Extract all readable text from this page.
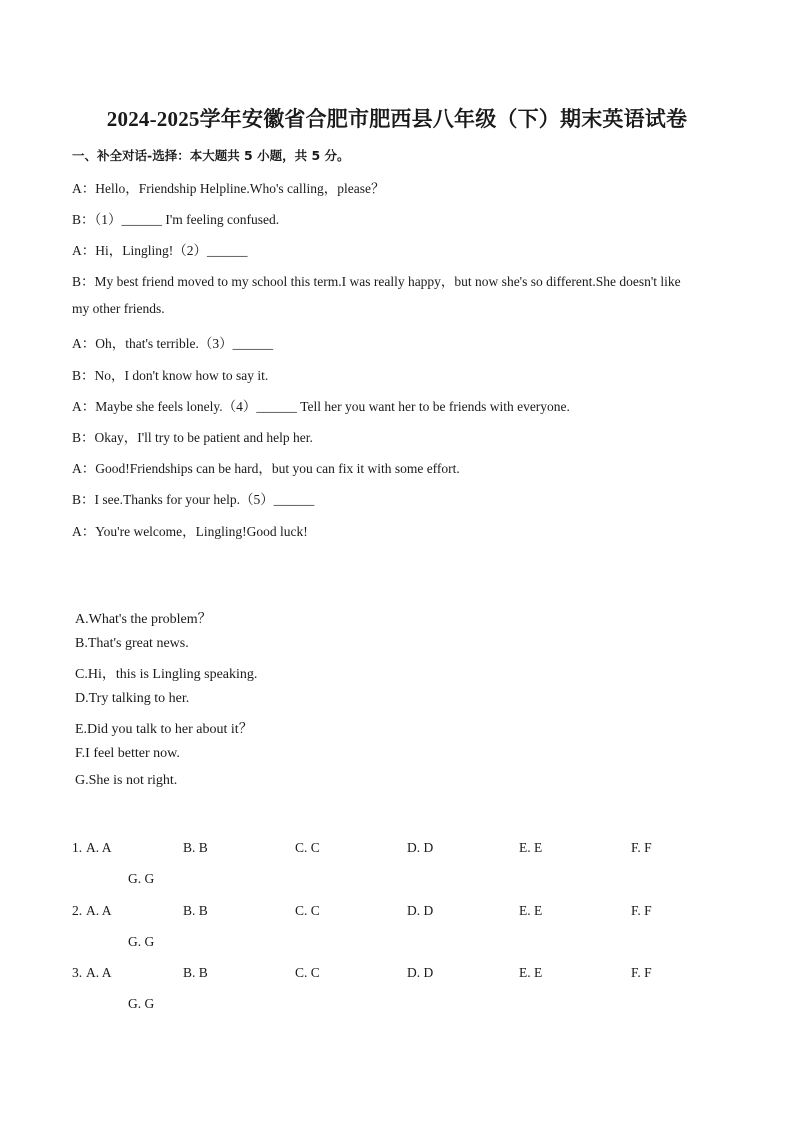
2024-2025学年安徽省合肥市肥西县八年级（下）期末英语试卷
一、补全对话-选择：本大题共 5 小题，共 5 分。
A：Hello，Friendship Helpline.Who's calling，please？
B：（1）______ I'm feeling confused.
A：Hi，Lingling!（2）______
B：My best friend moved to my school this term.I was really happy，but now she's so different.She doesn't like
my other friends.
A：Oh，that's terrible.（3）______
B：No，I don't know how to say it.
A：Maybe she feels lonely.（4）______ Tell her you want her to be friends with everyone.
B：Okay，I'll try to be patient and help her.
A：Good!Friendships can be hard，but you can fix it with some effort.
B：I see.Thanks for your help.（5）______
A：You're welcome，Lingling!Good luck!
A.What's the problem？
B.That's great news.
C.Hi，this is Lingling speaking.
D.Try talking to her.
E.Did you talk to her about it？
F.I feel better now.
G.She is not right.
1. A. A	B. B	C. C	D. D	E. E	F. F
G. G
2. A. A	B. B	C. C	D. D	E. E	F. F
G. G
3. A. A	B. B	C. C	D. D	E. E	F. F
G. G
